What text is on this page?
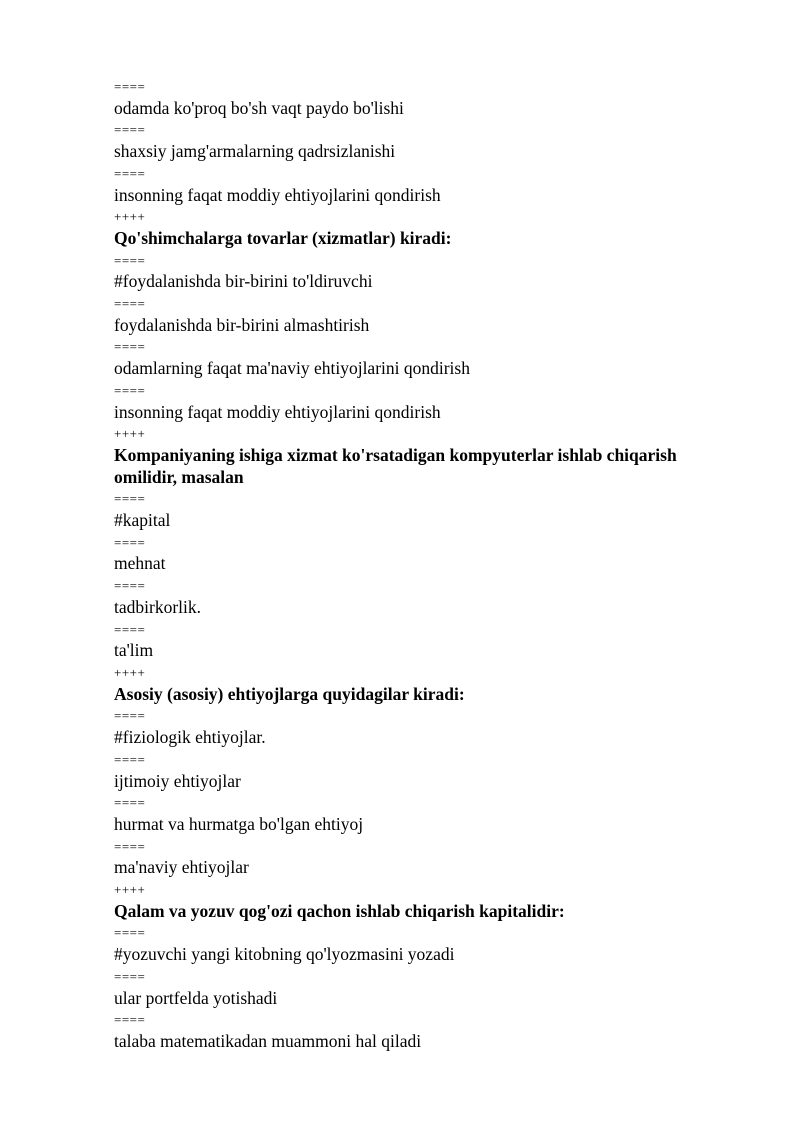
====
odamda ko'proq bo'sh vaqt paydo bo'lishi
====
shaxsiy jamg'armalarning qadrsizlanishi
====
insonning faqat moddiy ehtiyojlarini qondirish
++++
Qo'shimchalarga tovarlar (xizmatlar) kiradi:
====
#foydalanishda bir-birini to'ldiruvchi
====
foydalanishda bir-birini almashtirish
====
odamlarning faqat ma'naviy ehtiyojlarini qondirish
====
insonning faqat moddiy ehtiyojlarini qondirish
++++
Kompaniyaning ishiga xizmat ko'rsatadigan kompyuterlar ishlab chiqarish omilidir, masalan
====
#kapital
====
mehnat
====
tadbirkorlik.
====
ta'lim
++++
Asosiy (asosiy) ehtiyojlarga quyidagilar kiradi:
====
#fiziologik ehtiyojlar.
====
ijtimoiy ehtiyojlar
====
hurmat va hurmatga bo'lgan ehtiyoj
====
ma'naviy ehtiyojlar
++++
Qalam va yozuv qog'ozi qachon ishlab chiqarish kapitalidir:
====
#yozuvchi yangi kitobning qo'lyozmasini yozadi
====
ular portfelda yotishadi
====
talaba matematikadan muammoni hal qiladi
